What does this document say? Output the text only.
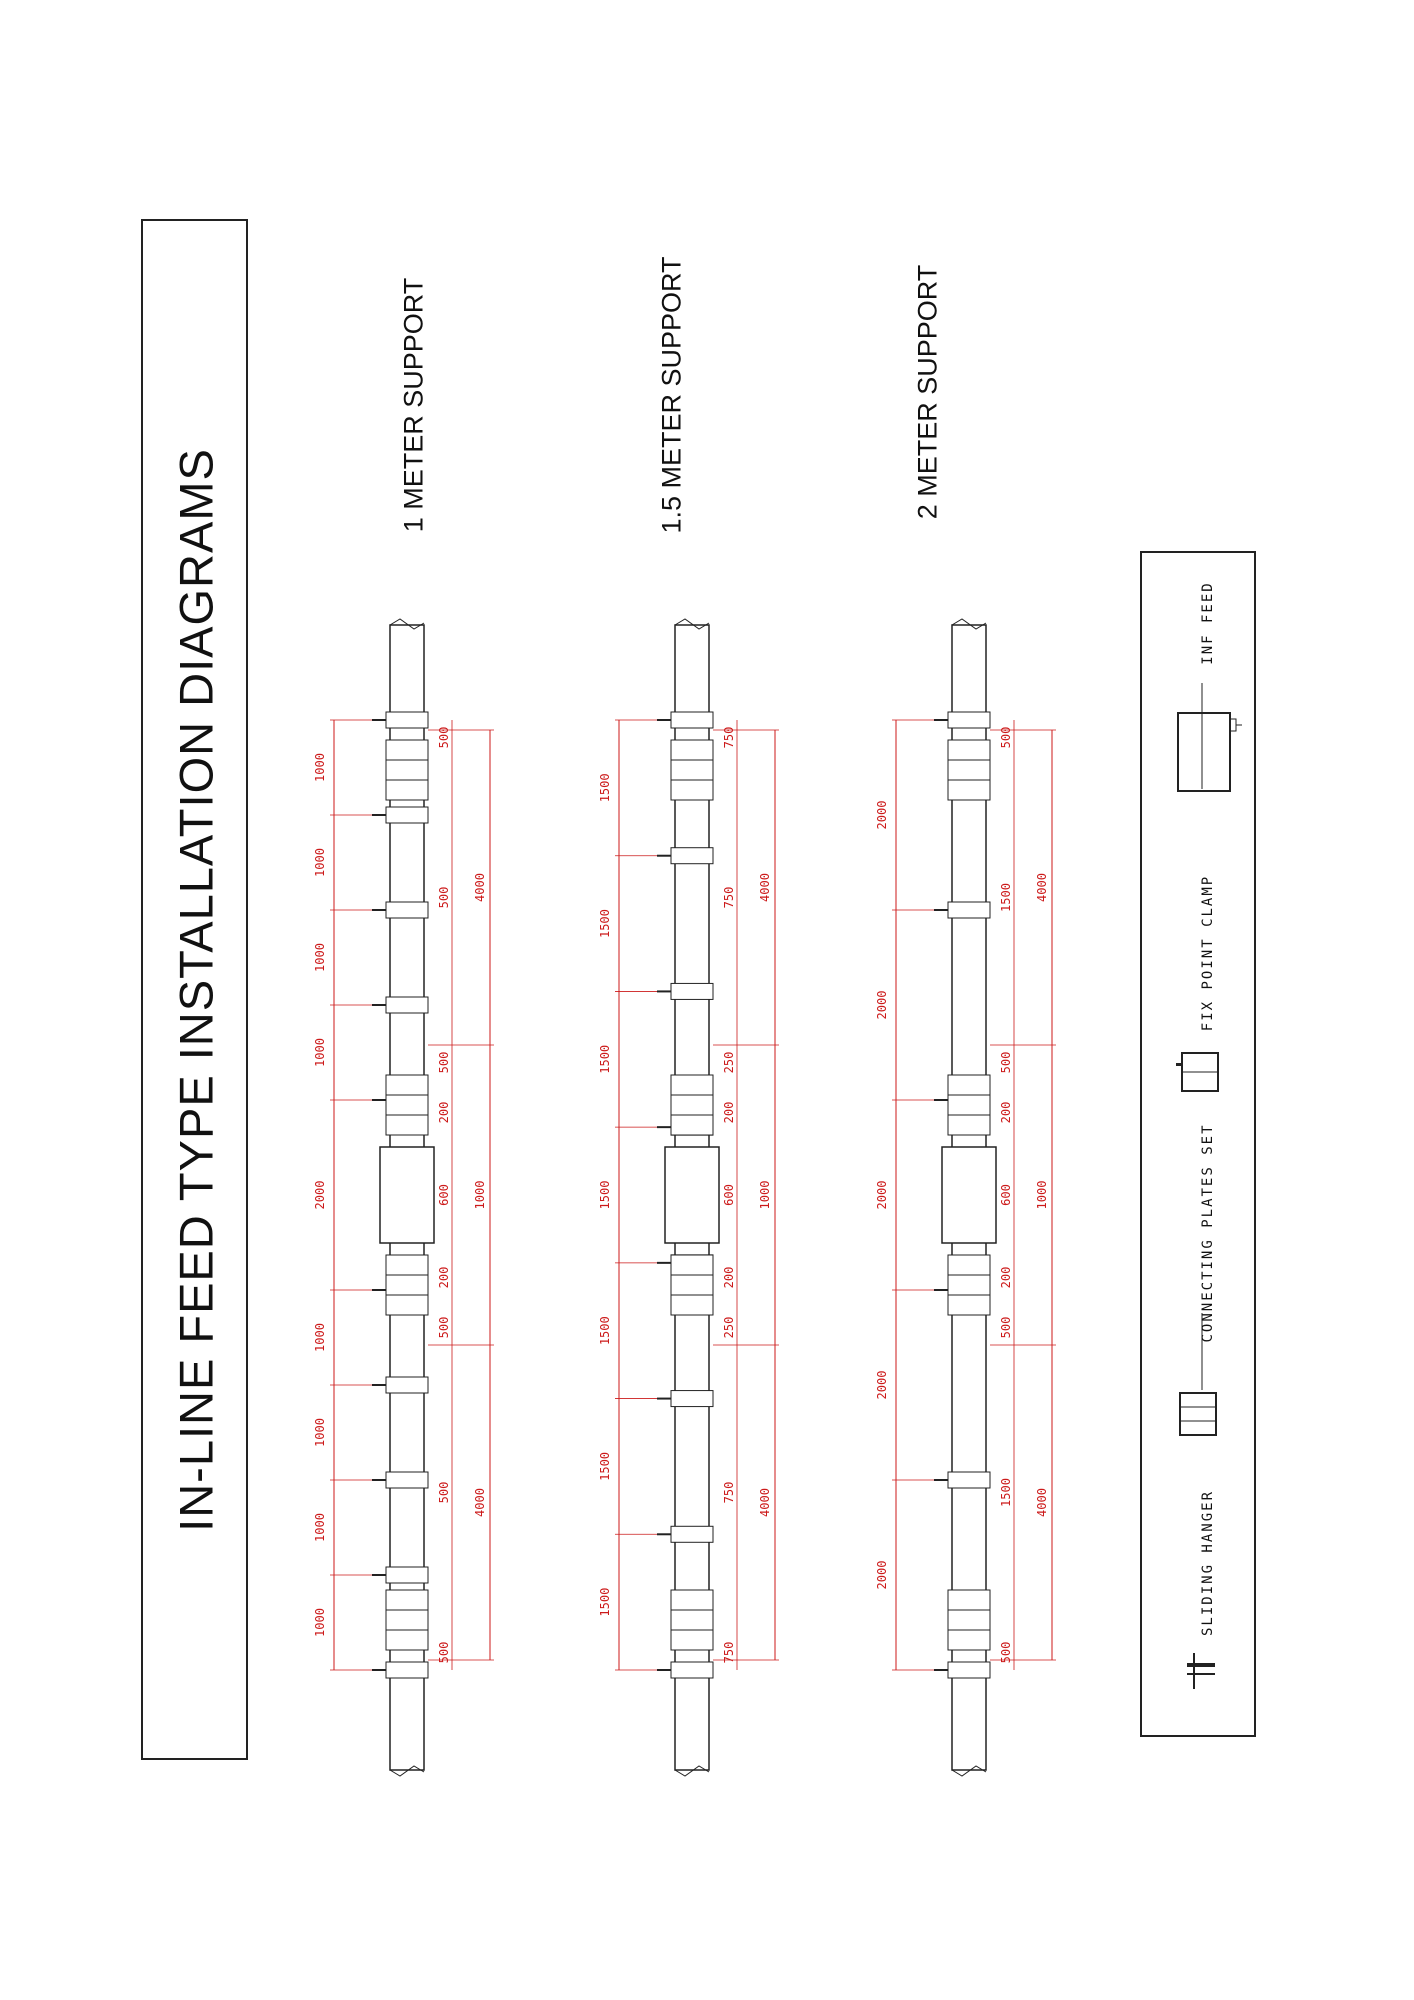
IN-LINE FEED TYPE INSTALLATION DIAGRAMS
1 METER SUPPORT	1.5 METER SUPPORT	2 METER SUPPORT
1000
1000
1000
1000
2000
1000
1000
1000
1000
4000
1000
4000
500
500
500
200
600
200
500
500
500
1500
1500
1500
1500
1500
1500
1500
4000
1000
4000
750
750
250
200
600
200
250
750
750
2000
2000
2000
2000
2000
4000
1000
4000
500
1500
500
200
600
200
500
1500
500
SLIDING HANGER
CONNECTING PLATES SET
FIX POINT CLAMP
INF FEED
